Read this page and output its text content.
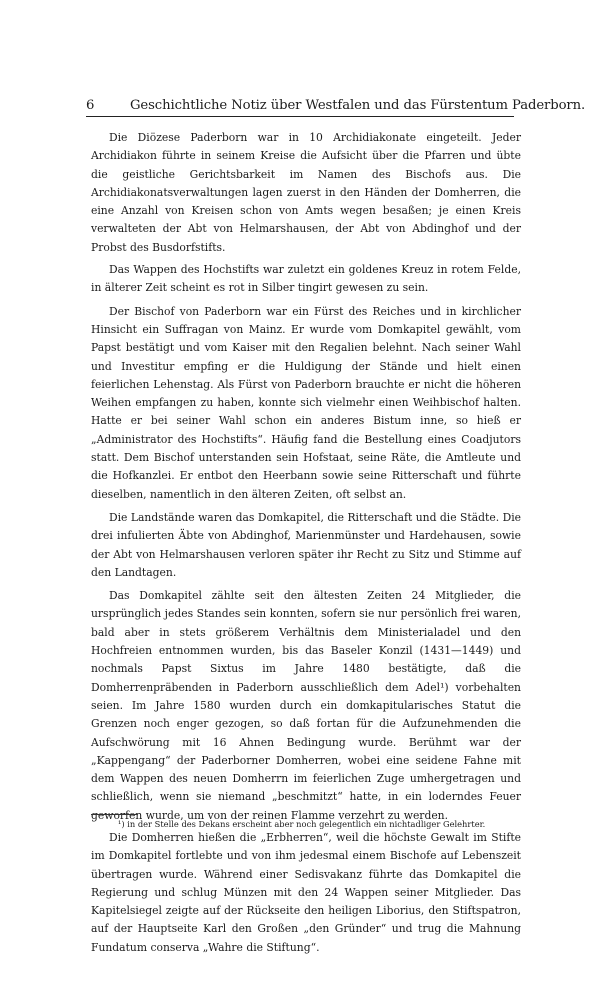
6	Geschichtliche Notiz über Westfalen und das Fürstentum Paderborn.

Die Diözese Paderborn war in 10 Archidiakonate eingeteilt. Jeder Archidiakon führte in seinem Kreise die Aufsicht über die Pfarren und übte die geistliche Gerichtsbarkeit im Namen des Bischofs aus. Die Archidiakonatsverwaltungen lagen zuerst in den Händen der Domherren, die eine Anzahl von Kreisen schon von Amts wegen besaßen; je einen Kreis verwalteten der Abt von Helmarshausen, der Abt von Abdinghof und der Probst des Busdorfstifts.

Das Wappen des Hochstifts war zuletzt ein goldenes Kreuz in rotem Felde, in älterer Zeit scheint es rot in Silber tingirt gewesen zu sein.

Der Bischof von Paderborn war ein Fürst des Reiches und in kirchlicher Hinsicht ein Suffragan von Mainz. Er wurde vom Domkapitel gewählt, vom Papst bestätigt und vom Kaiser mit den Regalien belehnt. Nach seiner Wahl und Investitur empfing er die Huldigung der Stände und hielt einen feierlichen Lehenstag. Als Fürst von Paderborn brauchte er nicht die höheren Weihen empfangen zu haben, konnte sich vielmehr einen Weihbischof halten. Hatte er bei seiner Wahl schon ein anderes Bistum inne, so hieß er „Administrator des Hochstifts“. Häufig fand die Bestellung eines Coadjutors statt. Dem Bischof unterstanden sein Hofstaat, seine Räte, die Amtleute und die Hofkanzlei. Er entbot den Heerbann sowie seine Ritterschaft und führte dieselben, namentlich in den älteren Zeiten, oft selbst an.

Die Landstände waren das Domkapitel, die Ritterschaft und die Städte. Die drei infulierten Äbte von Abdinghof, Marienmünster und Hardehausen, sowie der Abt von Helmarshausen verloren später ihr Recht zu Sitz und Stimme auf den Landtagen.

Das Domkapitel zählte seit den ältesten Zeiten 24 Mitglieder, die ursprünglich jedes Standes sein konnten, sofern sie nur persönlich frei waren, bald aber in stets größerem Verhältnis dem Ministerialadel und den Hochfreien entnommen wurden, bis das Baseler Konzil (1431—1449) und nochmals Papst Sixtus im Jahre 1480 bestätigte, daß die Domherrenpräbenden in Paderborn ausschließlich dem Adel¹) vorbehalten seien. Im Jahre 1580 wurden durch ein domkapitularisches Statut die Grenzen noch enger gezogen, so daß fortan für die Aufzunehmenden die Aufschwörung mit 16 Ahnen Bedingung wurde. Berühmt war der „Kappengang“ der Paderborner Domherren, wobei eine seidene Fahne mit dem Wappen des neuen Domherrn im feierlichen Zuge umhergetragen und schließlich, wenn sie niemand „beschmitzt“ hatte, in ein loderndes Feuer geworfen wurde, um von der reinen Flamme verzehrt zu werden.

Die Domherren hießen die „Erbherren“, weil die höchste Gewalt im Stifte im Domkapitel fortlebte und von ihm jedesmal einem Bischofe auf Lebenszeit übertragen wurde. Während einer Sedisvakanz führte das Domkapitel die Regierung und schlug Münzen mit den 24 Wappen seiner Mitglieder. Das Kapitelsiegel zeigte auf der Rückseite den heiligen Liborius, den Stiftspatron, auf der Hauptseite Karl den Großen „den Gründer“ und trug die Mahnung Fundatum conserva „Wahre die Stiftung“.

¹) in der Stelle des Dekans erscheint aber noch gelegentlich ein nichtadliger Gelehrter.
